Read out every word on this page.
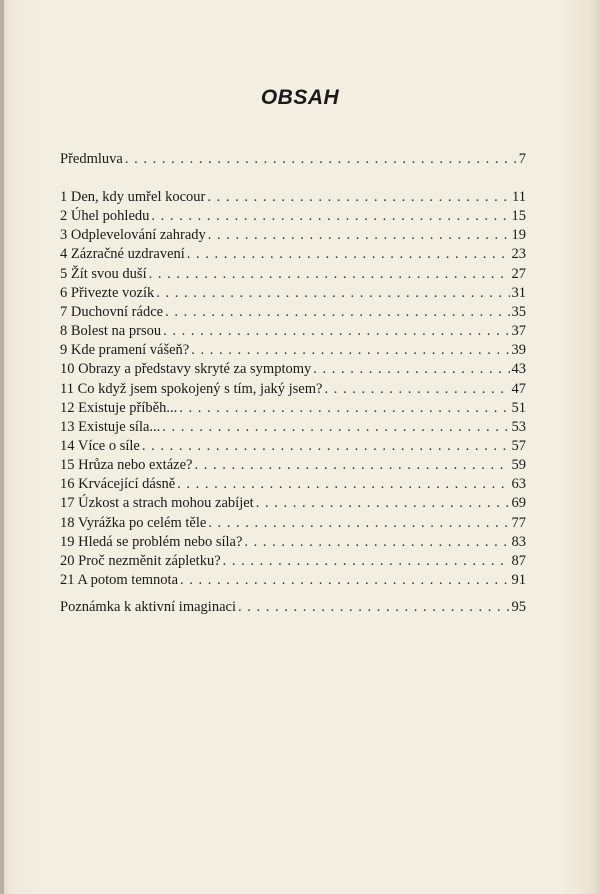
OBSAH
Předmluva . . .	7
1 Den, kdy umřel kocour . . .	11
2 Úhel pohledu . . .	15
3 Odplevelování zahrady . . .	19
4 Zázračné uzdravení . . .	23
5 Žít svou duší . . .	27
6 Přivezte vozík . . .	31
7 Duchovní rádce . . .	35
8 Bolest na prsou . . .	37
9 Kde pramení vášeň? . . .	39
10 Obrazy a představy skryté za symptomy . . .	43
11 Co když jsem spokojený s tím, jaký jsem? . . .	47
12 Existuje příběh... . . .	51
13 Existuje síla... . . .	53
14 Více o síle . . .	57
15 Hrůza nebo extáze? . . .	59
16 Krvácející dásně . . .	63
17 Úzkost a strach mohou zabíjet . . .	69
18 Vyrážka po celém těle . . .	77
19 Hledá se problém nebo síla? . . .	83
20 Proč nezměnit zápletku? . . .	87
21 A potom temnota . . .	91
Poznámka k aktivní imaginaci . . .	95
